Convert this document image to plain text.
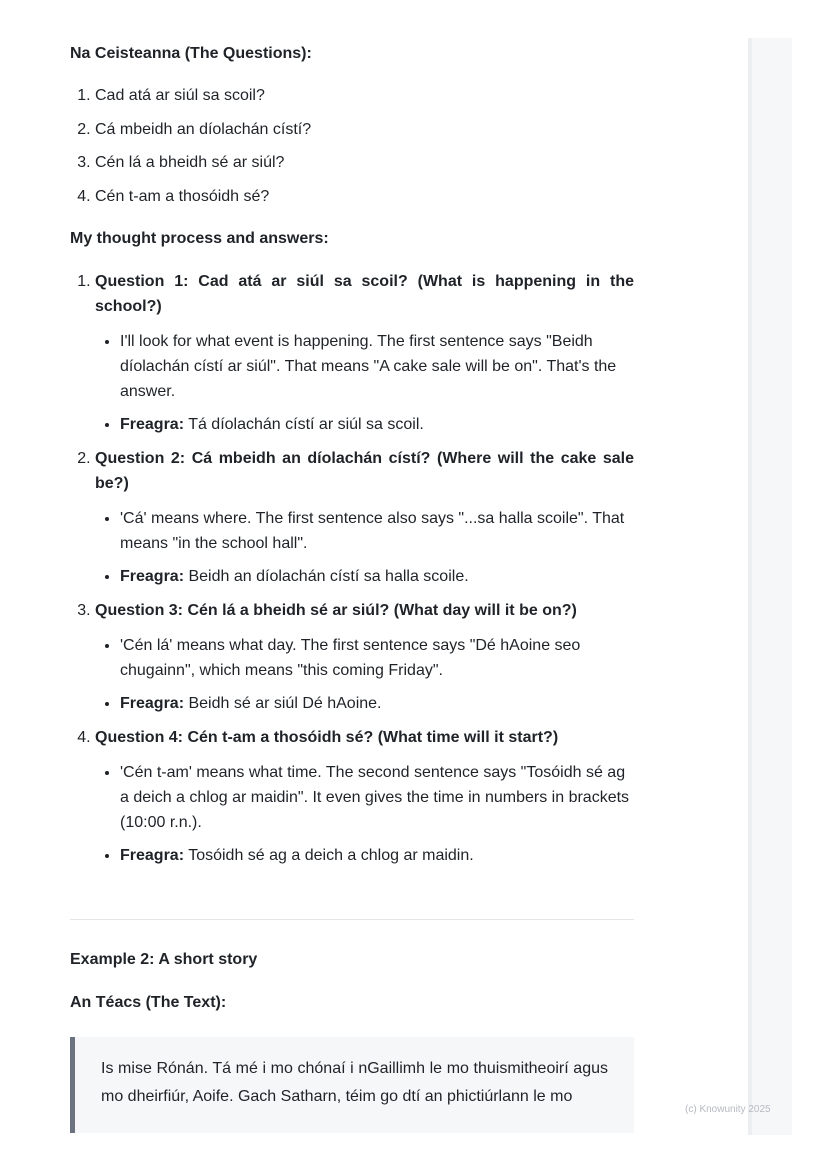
Na Ceisteanna (The Questions):

1. Cad atá ar siúl sa scoil?
2. Cá mbeidh an díolachán cístí?
3. Cén lá a bheidh sé ar siúl?
4. Cén t-am a thosóidh sé?

My thought process and answers:

1. Question 1: Cad atá ar siúl sa scoil? (What is happening in the school?)
• I'll look for what event is happening. The first sentence says "Beidh díolachán cístí ar siúl". That means "A cake sale will be on". That's the answer.
• Freagra: Tá díolachán cístí ar siúl sa scoil.
2. Question 2: Cá mbeidh an díolachán cístí? (Where will the cake sale be?)
• 'Cá' means where. The first sentence also says "...sa halla scoile". That means "in the school hall".
• Freagra: Beidh an díolachán cístí sa halla scoile.
3. Question 3: Cén lá a bheidh sé ar siúl? (What day will it be on?)
• 'Cén lá' means what day. The first sentence says "Dé hAoine seo chugainn", which means "this coming Friday".
• Freagra: Beidh sé ar siúl Dé hAoine.
4. Question 4: Cén t-am a thosóidh sé? (What time will it start?)
• 'Cén t-am' means what time. The second sentence says "Tosóidh sé ag a deich a chlog ar maidin". It even gives the time in numbers in brackets (10:00 r.n.).
• Freagra: Tosóidh sé ag a deich a chlog ar maidin.

Example 2: A short story

An Téacs (The Text):

Is mise Rónán. Tá mé i mo chónaí i nGaillimh le mo thuismitheoirí agus mo dheirfiúr, Aoife. Gach Satharn, téim go dtí an phictiúrlann le mo
(c) Knowunity 2025
